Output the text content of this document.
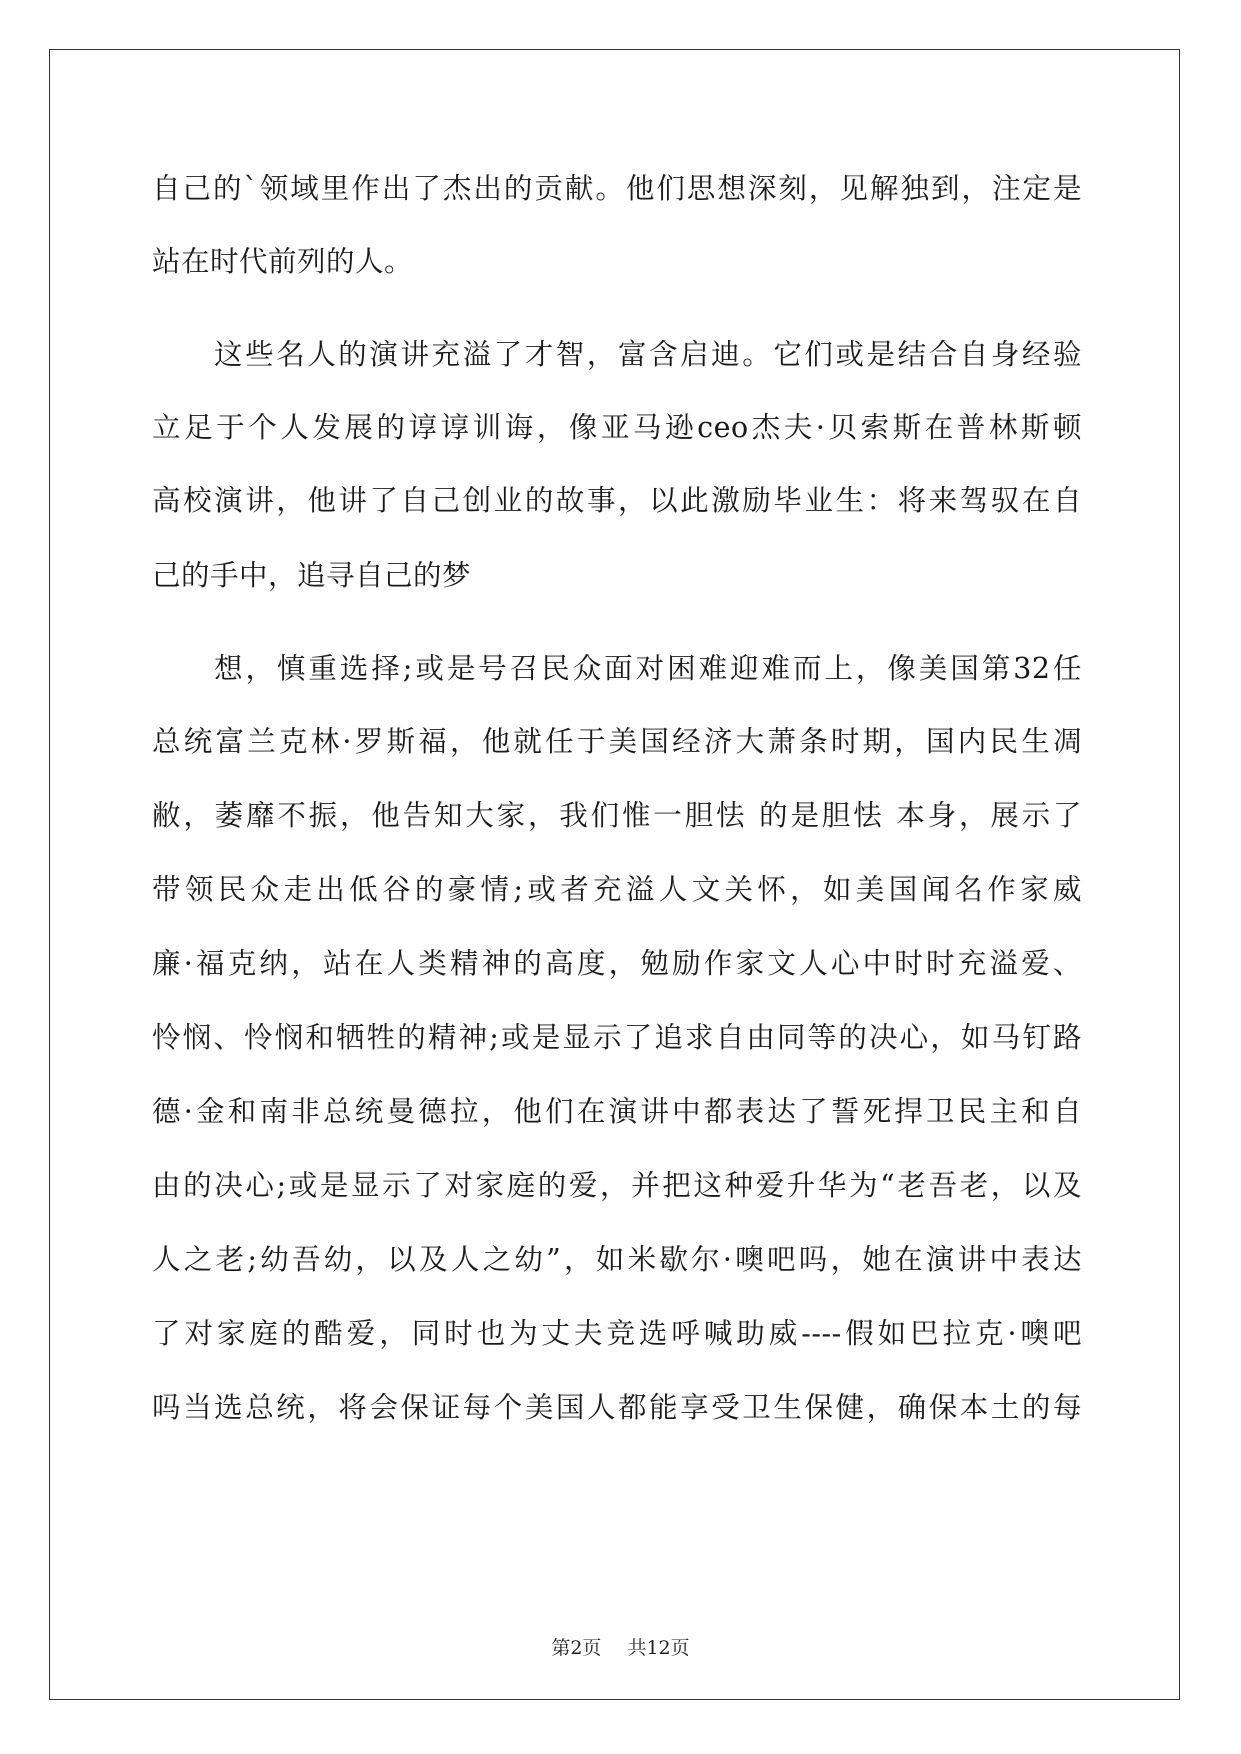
自己的`领域里作出了杰出的贡献。他们思想深刻，见解独到，注定是
站在时代前列的人。
这些名人的演讲充溢了才智，富含启迪。它们或是结合自身经验
立足于个人发展的谆谆训诲，像亚马逊ceo杰夫·贝索斯在普林斯顿
高校演讲，他讲了自己创业的故事，以此激励毕业生：将来驾驭在自
己的手中，追寻自己的梦
想，慎重选择;或是号召民众面对困难迎难而上，像美国第32任
总统富兰克林·罗斯福，他就任于美国经济大萧条时期，国内民生凋
敝，萎靡不振，他告知大家，我们惟一胆怯 的是胆怯 本身，展示了
带领民众走出低谷的豪情;或者充溢人文关怀，如美国闻名作家威
廉·福克纳，站在人类精神的高度，勉励作家文人心中时时充溢爱、
怜悯、怜悯和牺牲的精神;或是显示了追求自由同等的决心，如马钉路
德·金和南非总统曼德拉，他们在演讲中都表达了誓死捍卫民主和自
由的决心;或是显示了对家庭的爱，并把这种爱升华为“老吾老，以及
人之老;幼吾幼，以及人之幼”，如米歇尔·噢吧吗，她在演讲中表达
了对家庭的酷爱，同时也为丈夫竞选呼喊助威----假如巴拉克·噢吧
吗当选总统，将会保证每个美国人都能享受卫生保健，确保本土的每
第2页 共12页
